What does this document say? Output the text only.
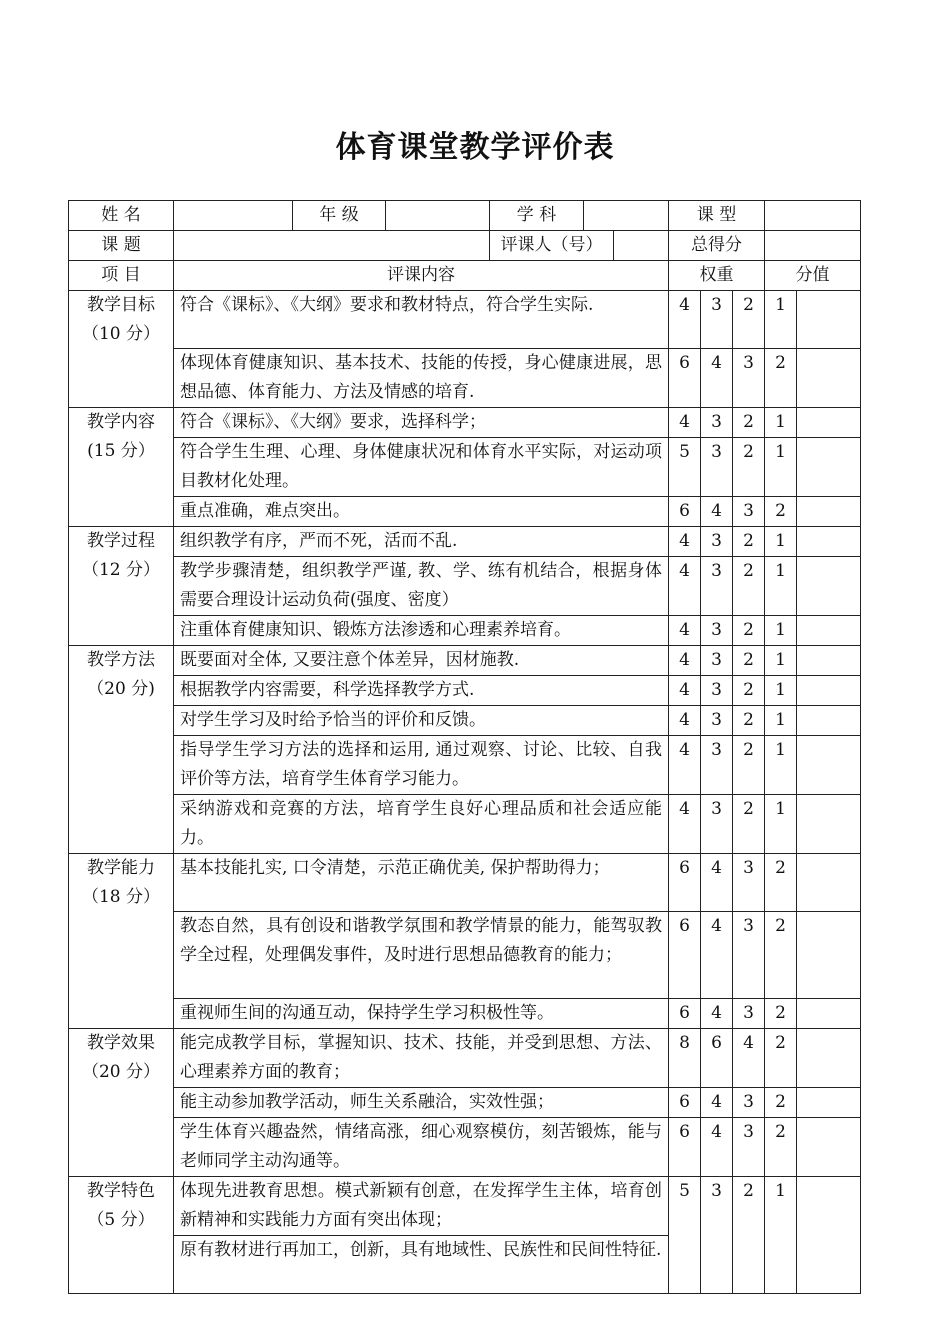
体育课堂教学评价表
姓 名		年 级		学 科			课 型				
课 题				评课人（号）			总得分				
项 目	评课内容						权重			分值	

教学目标
（10 分）	符合《课标》、《大纲》要求和教材特点，符合学生实际.						4	3	2	1	
	体现体育健康知识、基本技术、技能的传授，身心健康进展，思想品德、体育能力、方法及情感的培育.						6	4	3	2	

教学内容
(15 分）	符合《课标》、《大纲》要求，选择科学；						4	3	2	1	
	符合学生生理、心理、身体健康状况和体育水平实际，对运动项目教材化处理。						5	3	2	1	
	重点准确，难点突出。						6	4	3	2	

教学过程
（12 分）	组织教学有序，严而不死，活而不乱.						4	3	2	1	
	教学步骤清楚，组织教学严谨, 教、学、练有机结合，根据身体需要合理设计运动负荷(强度、密度）						4	3	2	1	
	注重体育健康知识、锻炼方法渗透和心理素养培育。						4	3	2	1	

教学方法
（20 分)	既要面对全体, 又要注意个体差异，因材施教.						4	3	2	1	
	根据教学内容需要，科学选择教学方式.						4	3	2	1	
	对学生学习及时给予恰当的评价和反馈。						4	3	2	1	
	指导学生学习方法的选择和运用, 通过观察、讨论、比较、自我评价等方法，培育学生体育学习能力。						4	3	2	1	
	采纳游戏和竞赛的方法，培育学生良好心理品质和社会适应能力。						4	3	2	1	

教学能力
（18 分）	基本技能扎实, 口令清楚，示范正确优美, 保护帮助得力；						6	4	3	2	
	教态自然，具有创设和谐教学氛围和教学情景的能力，能驾驭教学全过程，处理偶发事件，及时进行思想品德教育的能力；						6	4	3	2	
	重视师生间的沟通互动，保持学生学习积极性等。						6	4	3	2	

教学效果
（20 分）	能完成教学目标，掌握知识、技术、技能，并受到思想、方法、心理素养方面的教育；						8	6	4	2	
	能主动参加教学活动，师生关系融洽，实效性强；						6	4	3	2	
	学生体育兴趣盎然，情绪高涨，细心观察模仿，刻苦锻炼，能与老师同学主动沟通等。						6	4	3	2	

教学特色
（5 分）	体现先进教育思想。模式新颖有创意，在发挥学生主体，培育创新精神和实践能力方面有突出体现；						5	3	2	1	
	原有教材进行再加工，创新，具有地域性、民族性和民间性特征.										
